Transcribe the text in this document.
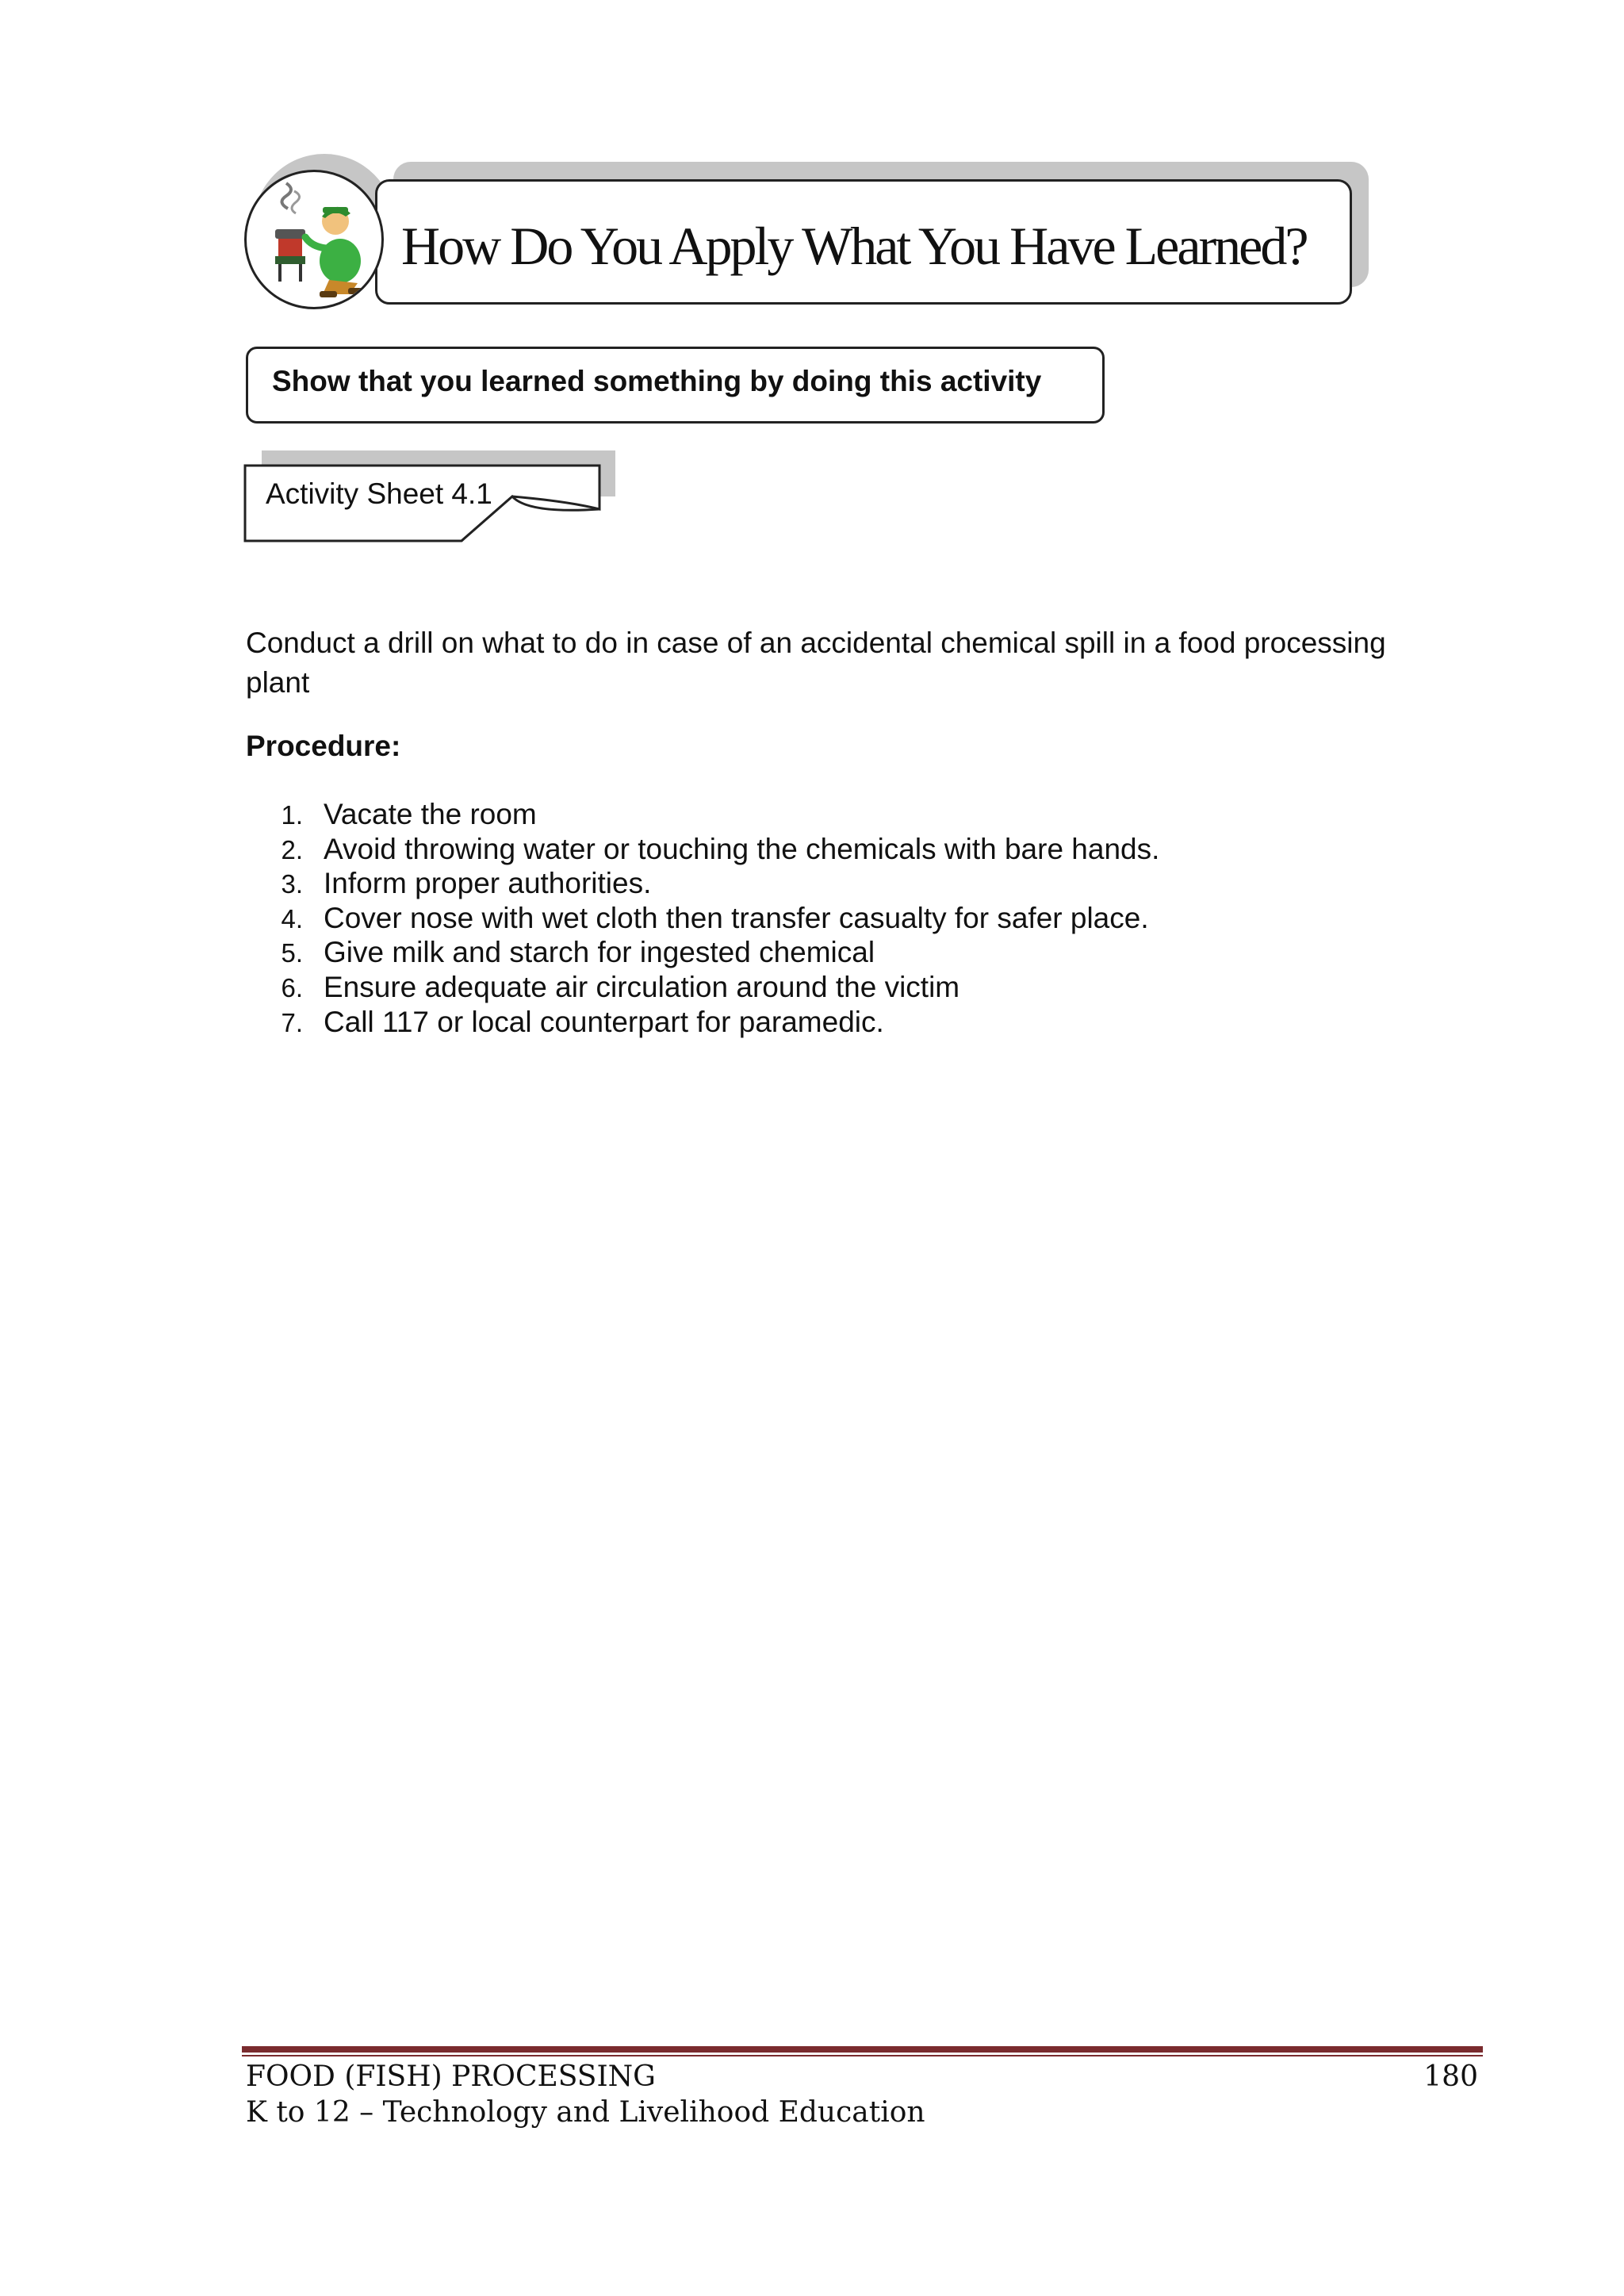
How Do You Apply What You Have Learned?
Show that you learned something by doing this activity
Activity Sheet 4.1

Conduct a drill on what to do in case of an accidental chemical spill in a food processing plant

Procedure:

1. Vacate the room
2. Avoid throwing water or touching the chemicals with bare hands.
3. Inform proper authorities.
4. Cover nose with wet cloth then transfer casualty for safer place.
5. Give milk and starch for ingested chemical
6. Ensure adequate air circulation around the victim
7. Call 117 or local counterpart for paramedic.
FOOD (FISH) PROCESSING
K to 12 – Technology and Livelihood Education
180
